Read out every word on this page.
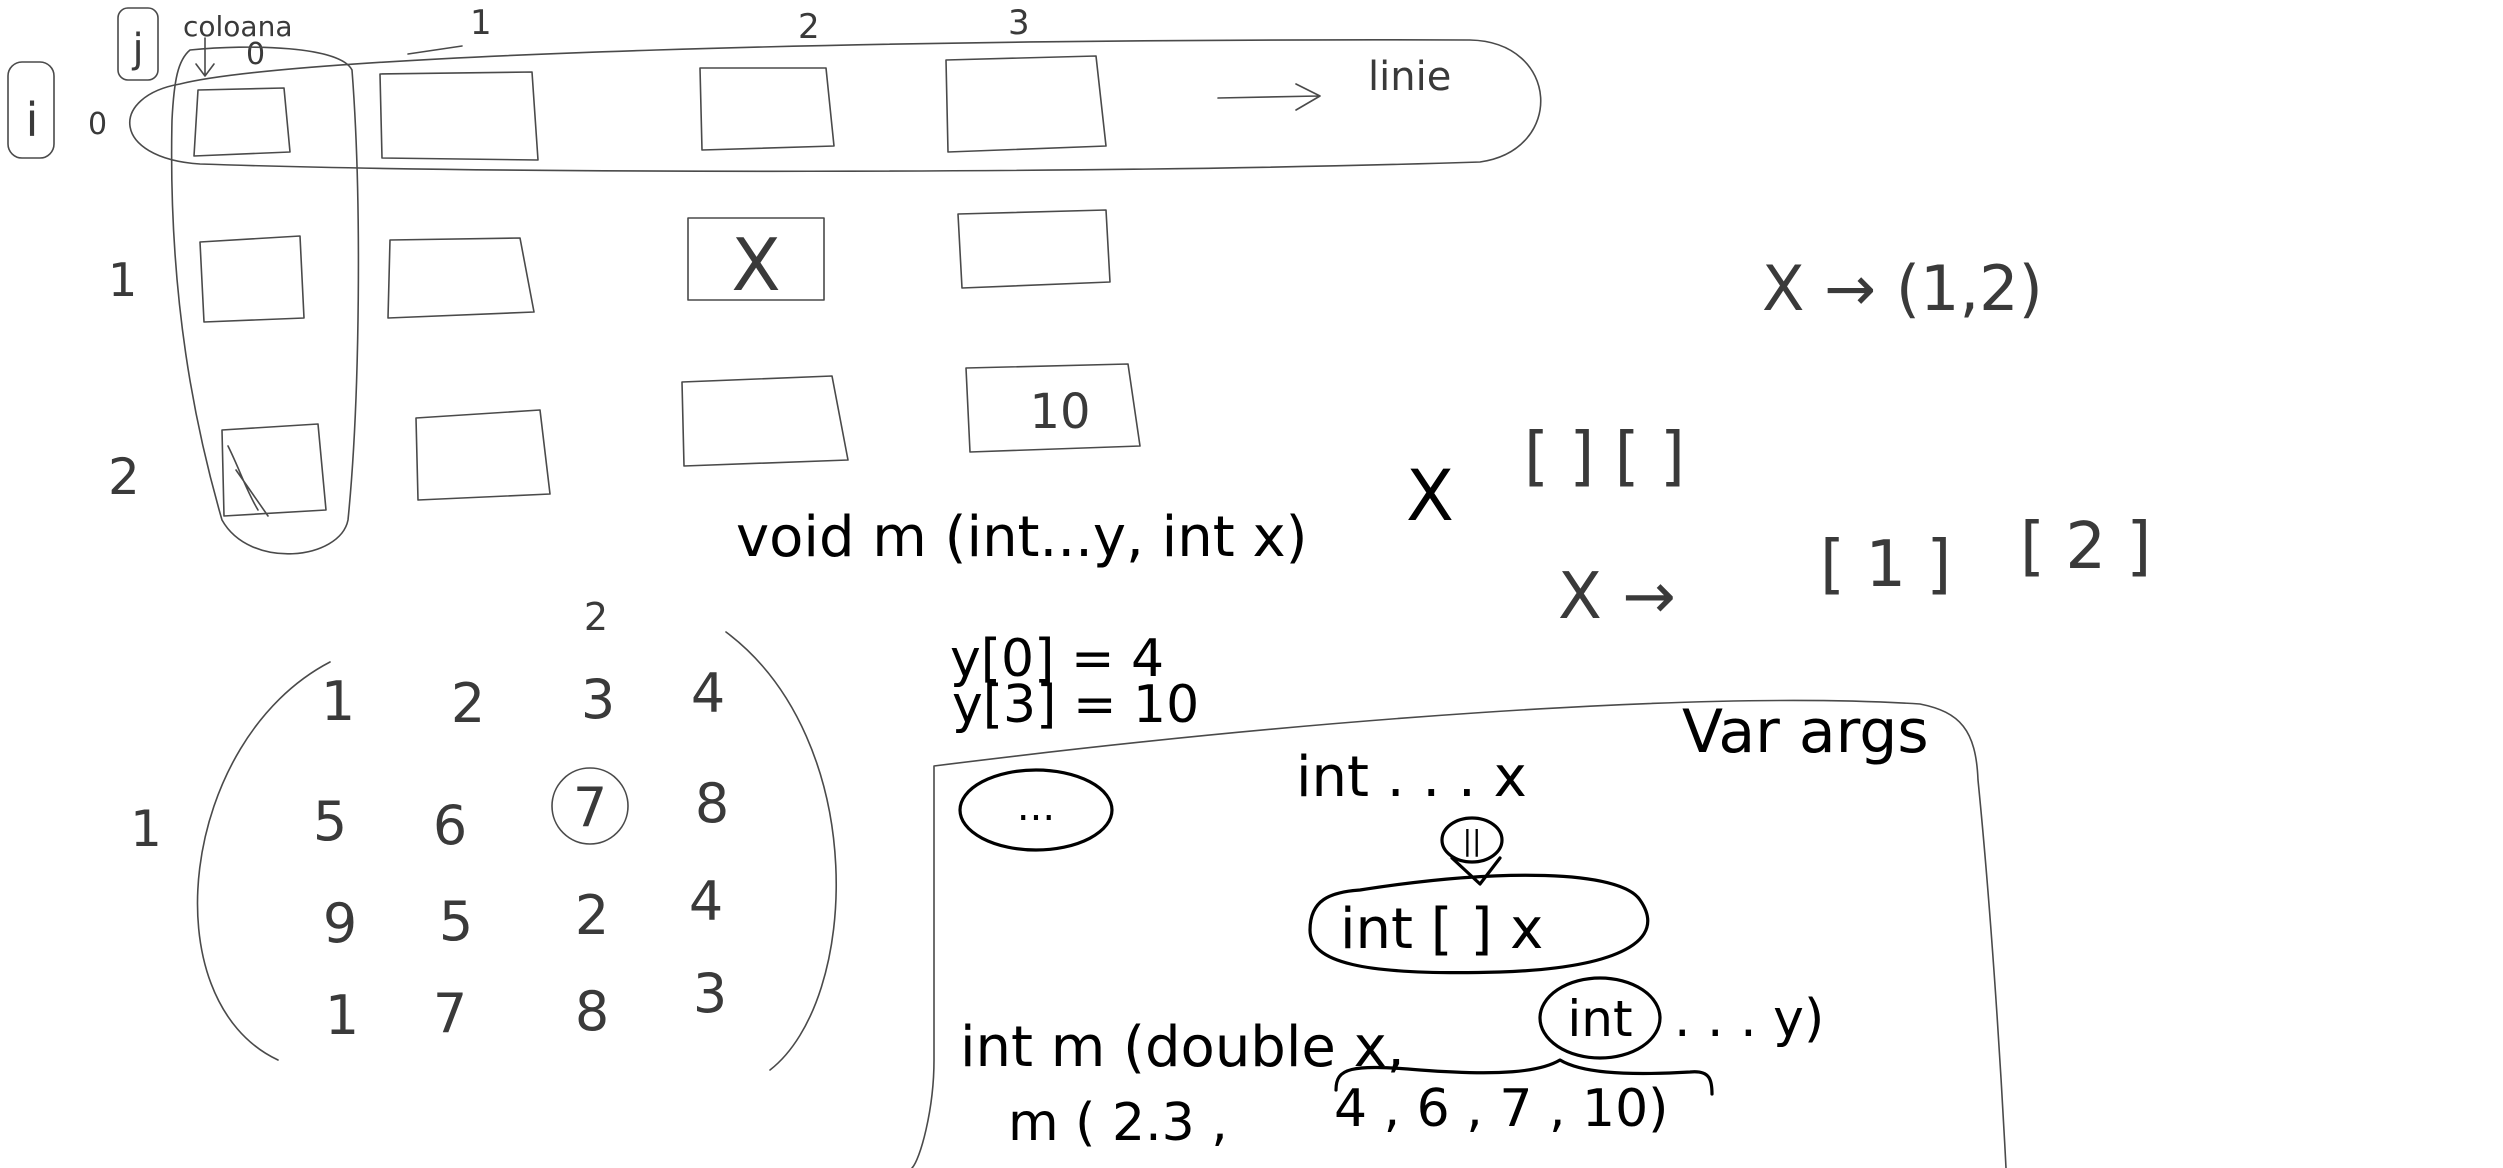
j coloana
0
i 0
1	2	3
1
2
linie
X
10
X → (1,2)
[ ] [ ]
X → [ 1 ] [ 2 ]
void m (int...y, int x)
X
2
1
1 2 3 4
5 6 7 8
9 5 2 4
1 7 8 3
y[0] = 4
y[3] = 10
...	int . . . x
Var args
||
int [ ] x
int m (double x,	int . . . y)
m ( 2.3 , 4 , 6 , 7 , 10)
